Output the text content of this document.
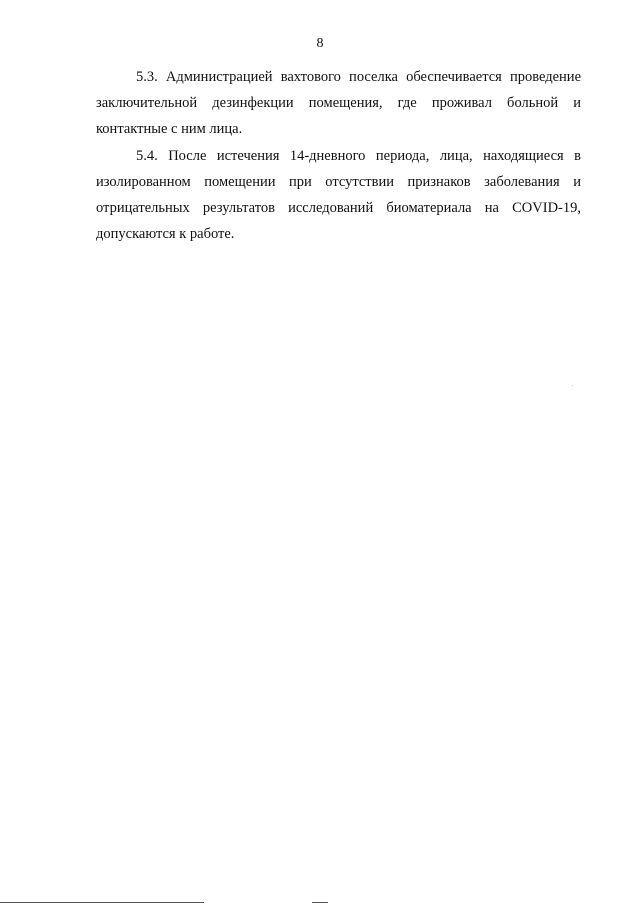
8

5.3. Администрацией вахтового поселка обеспечивается проведение заключительной дезинфекции помещения, где проживал больной и контактные с ним лица.

5.4. После истечения 14-дневного периода, лица, находящиеся в изолированном помещении при отсутствии признаков заболевания и отрицательных результатов исследований биоматериала на COVID-19, допускаются к работе.
